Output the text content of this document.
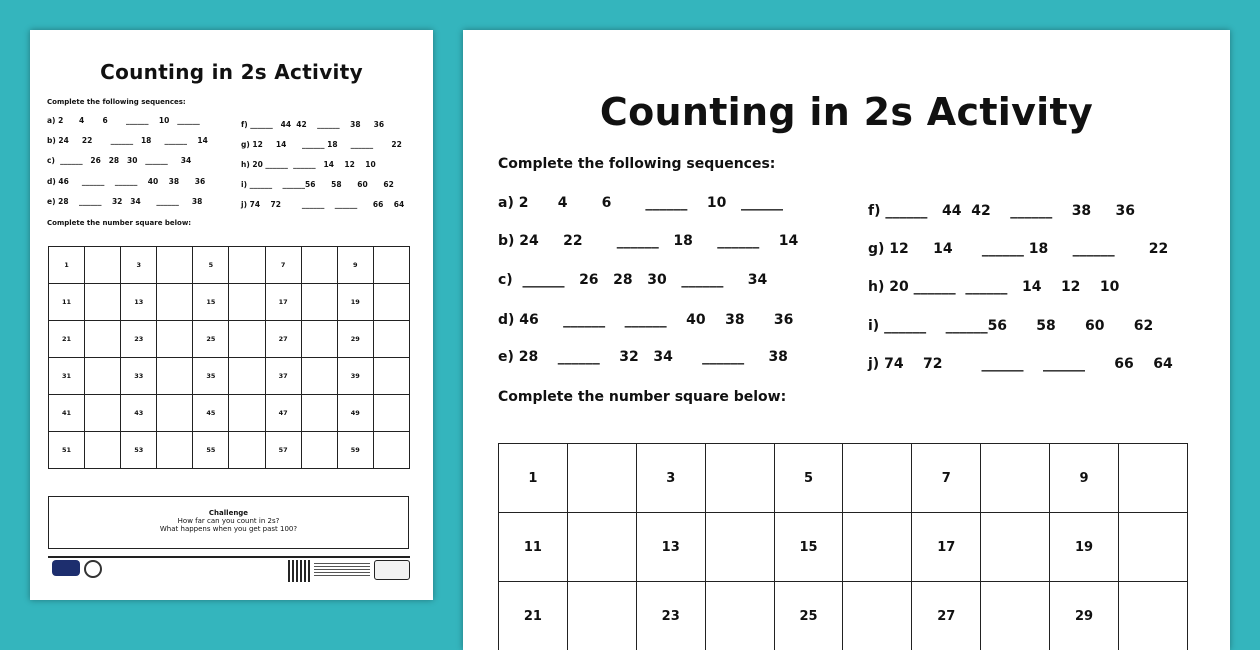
Counting in 2s Activity
Complete the following sequences:
a) 2      4       6       ______    10   ______
b) 24     22       ______   18     ______    14
c)  ______   26   28   30   ______     34
d) 46     ______    ______    40    38      36
e) 28    ______    32   34      ______     38
f) ______   44  42    ______    38     36
g) 12     14      ______ 18     ______       22
h) 20 ______  ______   14    12    10
i) ______    ______56      58      60      62
j) 74    72        ______    ______      66    64
Complete the number square below:
1		3		5		7		9	
11		13		15		17		19	
21		23		25		27		29	
31		33		35		37		39	
41		43		45		47		49	
51		53		55		57		59	
Challenge
How far can you count in 2s?
What happens when you get past 100?
Counting in 2s Activity
Complete the following sequences:
a) 2      4       6       ______    10   ______
b) 24     22       ______   18     ______    14
c)  ______   26   28   30   ______     34
d) 46     ______    ______    40    38      36
e) 28    ______    32   34      ______     38
f) ______   44  42    ______    38     36
g) 12     14      ______ 18     ______       22
h) 20 ______  ______   14    12    10
i) ______    ______56      58      60      62
j) 74    72        ______    ______      66    64
Complete the number square below:
1		3		5		7		9	
11		13		15		17		19	
21		23		25		27		29	
